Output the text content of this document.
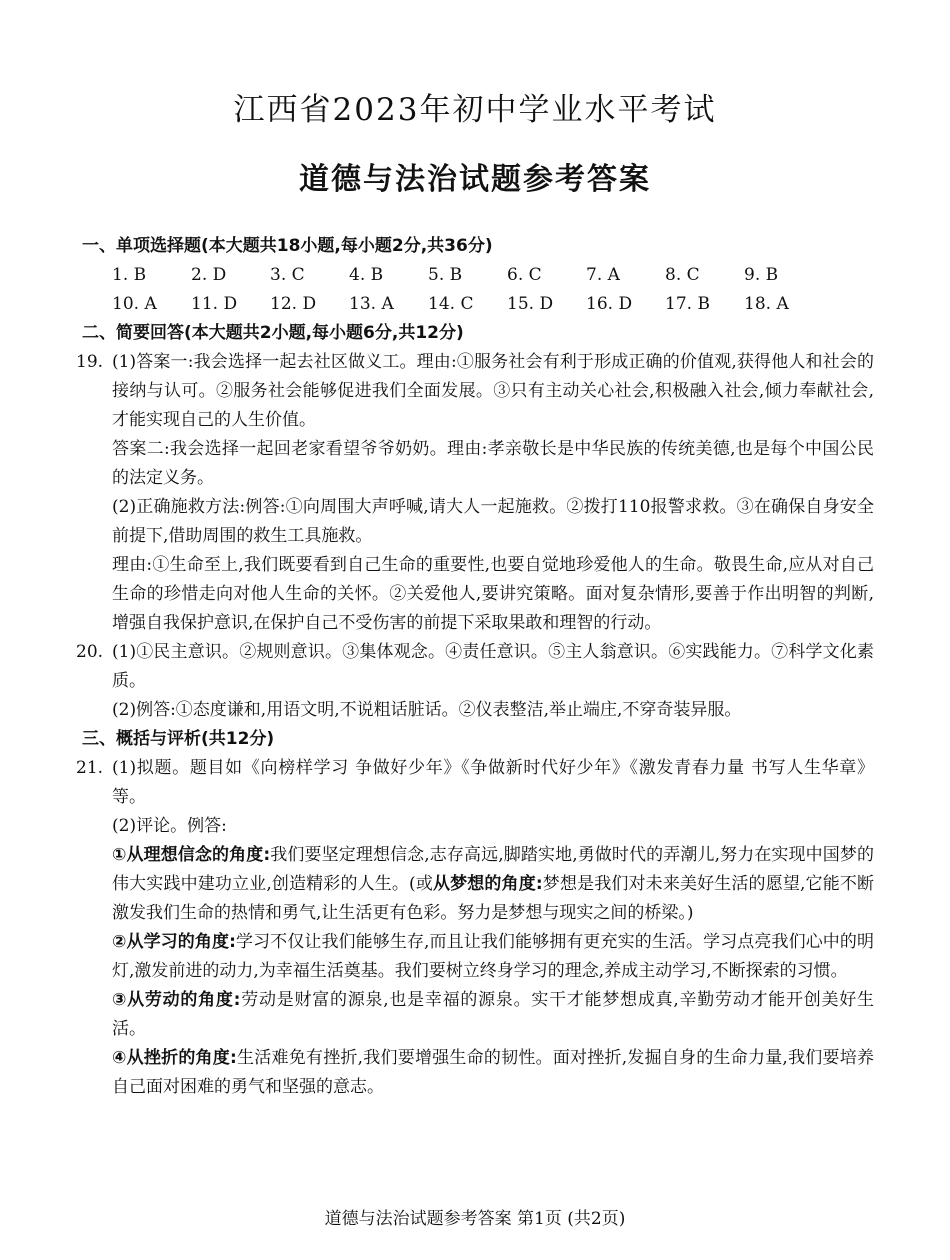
江西省2023年初中学业水平考试
道德与法治试题参考答案
一、单项选择题(本大题共18小题,每小题2分,共36分)
1. B	2. D	3. C	4. B	5. B	6. C	7. A	8. C	9. B
10. A	11. D	12. D	13. A	14. C	15. D	16. D	17. B	18. A
二、简要回答(本大题共2小题,每小题6分,共12分)
19. (1)答案一:我会选择一起去社区做义工。理由:①服务社会有利于形成正确的价值观,获得他人和社会的接纳与认可。②服务社会能够促进我们全面发展。③只有主动关心社会,积极融入社会,倾力奉献社会,才能实现自己的人生价值。

答案二:我会选择一起回老家看望爷爷奶奶。理由:孝亲敬长是中华民族的传统美德,也是每个中国公民的法定义务。

(2)正确施救方法:例答:①向周围大声呼喊,请大人一起施救。②拨打110报警求救。③在确保自身安全前提下,借助周围的救生工具施救。

理由:①生命至上,我们既要看到自己生命的重要性,也要自觉地珍爱他人的生命。敬畏生命,应从对自己生命的珍惜走向对他人生命的关怀。②关爱他人,要讲究策略。面对复杂情形,要善于作出明智的判断,增强自我保护意识,在保护自己不受伤害的前提下采取果敢和理智的行动。

20. (1)①民主意识。②规则意识。③集体观念。④责任意识。⑤主人翁意识。⑥实践能力。⑦科学文化素质。

(2)例答:①态度谦和,用语文明,不说粗话脏话。②仪表整洁,举止端庄,不穿奇装异服。

三、概括与评析(共12分)
21. (1)拟题。题目如《向榜样学习 争做好少年》《争做新时代好少年》《激发青春力量 书写人生华章》等。

(2)评论。例答:

①从理想信念的角度:我们要坚定理想信念,志存高远,脚踏实地,勇做时代的弄潮儿,努力在实现中国梦的伟大实践中建功立业,创造精彩的人生。(或从梦想的角度:梦想是我们对未来美好生活的愿望,它能不断激发我们生命的热情和勇气,让生活更有色彩。努力是梦想与现实之间的桥梁。)

②从学习的角度:学习不仅让我们能够生存,而且让我们能够拥有更充实的生活。学习点亮我们心中的明灯,激发前进的动力,为幸福生活奠基。我们要树立终身学习的理念,养成主动学习,不断探索的习惯。

③从劳动的角度:劳动是财富的源泉,也是幸福的源泉。实干才能梦想成真,辛勤劳动才能开创美好生活。

④从挫折的角度:生活难免有挫折,我们要增强生命的韧性。面对挫折,发掘自身的生命力量,我们要培养自己面对困难的勇气和坚强的意志。

道德与法治试题参考答案 第1页 (共2页)
